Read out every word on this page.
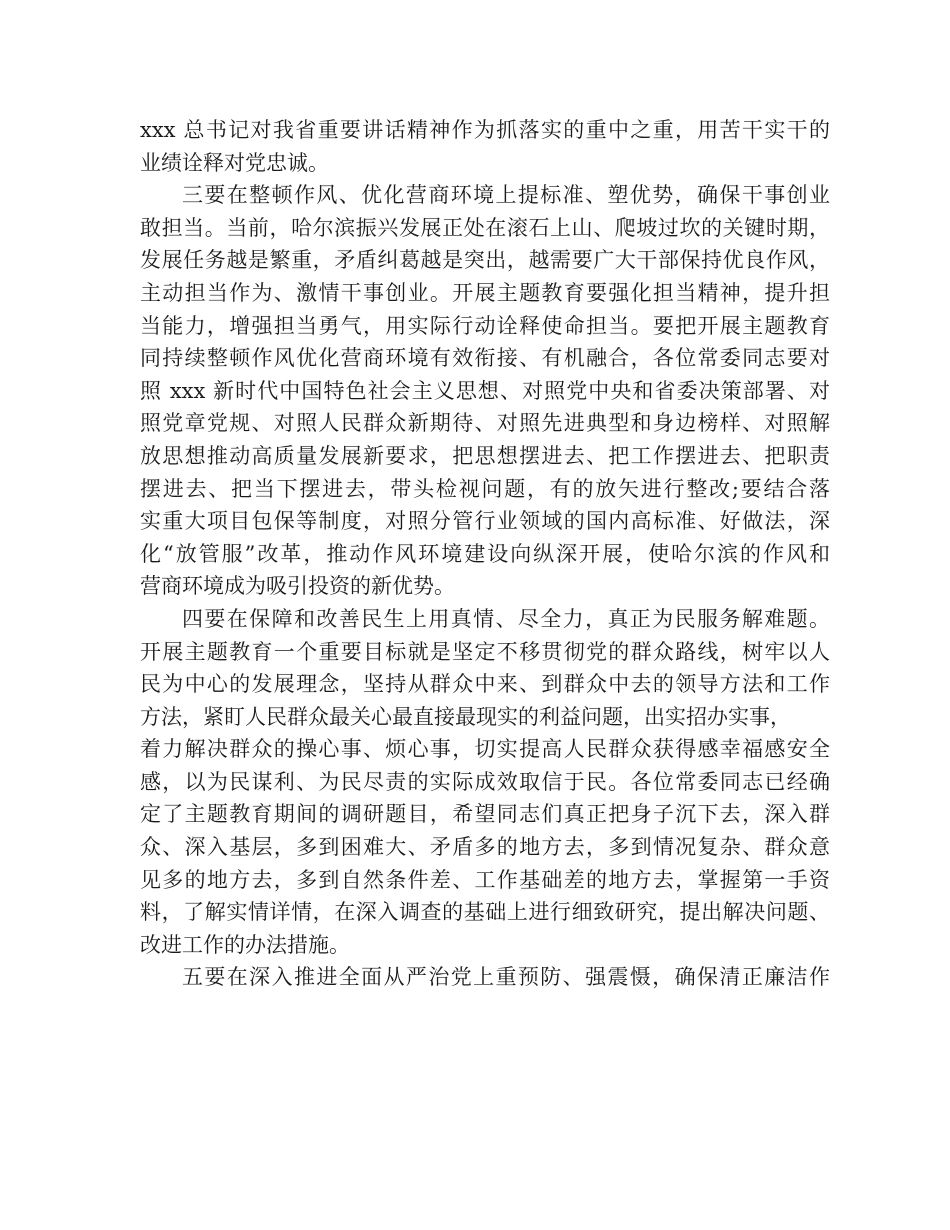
xxx 总书记对我省重要讲话精神作为抓落实的重中之重，用苦干实干的
业绩诠释对党忠诚。
三要在整顿作风、优化营商环境上提标准、塑优势，确保干事创业
敢担当。当前，哈尔滨振兴发展正处在滚石上山、爬坡过坎的关键时期，
发展任务越是繁重，矛盾纠葛越是突出，越需要广大干部保持优良作风，
主动担当作为、激情干事创业。开展主题教育要强化担当精神，提升担
当能力，增强担当勇气，用实际行动诠释使命担当。要把开展主题教育
同持续整顿作风优化营商环境有效衔接、有机融合，各位常委同志要对
照 xxx 新时代中国特色社会主义思想、对照党中央和省委决策部署、对
照党章党规、对照人民群众新期待、对照先进典型和身边榜样、对照解
放思想推动高质量发展新要求，把思想摆进去、把工作摆进去、把职责
摆进去、把当下摆进去，带头检视问题，有的放矢进行整改;要结合落
实重大项目包保等制度，对照分管行业领域的国内高标准、好做法，深
化“放管服”改革，推动作风环境建设向纵深开展，使哈尔滨的作风和
营商环境成为吸引投资的新优势。
四要在保障和改善民生上用真情、尽全力，真正为民服务解难题。
开展主题教育一个重要目标就是坚定不移贯彻党的群众路线，树牢以人
民为中心的发展理念，坚持从群众中来、到群众中去的领导方法和工作
方法，紧盯人民群众最关心最直接最现实的利益问题，出实招办实事，
着力解决群众的操心事、烦心事，切实提高人民群众获得感幸福感安全
感，以为民谋利、为民尽责的实际成效取信于民。各位常委同志已经确
定了主题教育期间的调研题目，希望同志们真正把身子沉下去，深入群
众、深入基层，多到困难大、矛盾多的地方去，多到情况复杂、群众意
见多的地方去，多到自然条件差、工作基础差的地方去，掌握第一手资
料，了解实情详情，在深入调查的基础上进行细致研究，提出解决问题、
改进工作的办法措施。
五要在深入推进全面从严治党上重预防、强震慑，确保清正廉洁作
